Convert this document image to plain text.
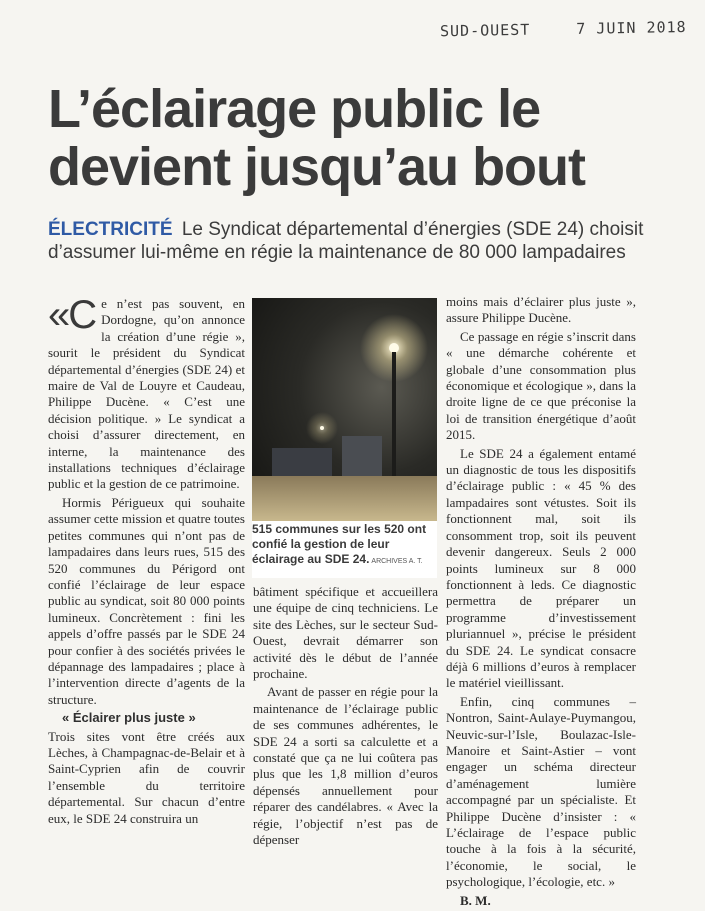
SUD-OUEST	7 JUIN 2018
L’éclairage public le
devient jusqu’au bout
ÉLECTRICITÉ Le Syndicat départemental d’énergies (SDE 24) choisit d’assumer lui-même en régie la maintenance de 80 000 lampadaires

«Ce n’est pas souvent, en Dordogne, qu’on annonce la création d’une régie », sourit le président du Syndicat départemental d’énergies (SDE 24) et maire de Val de Louyre et Caudeau, Philippe Ducène. « C’est une décision politique. » Le syndicat a choisi d’assurer directement, en interne, la maintenance des installations techniques d’éclairage public et la gestion de ce patrimoine.

Hormis Périgueux qui souhaite assumer cette mission et quatre toutes petites communes qui n’ont pas de lampadaires dans leurs rues, 515 des 520 communes du Périgord ont confié l’éclairage de leur espace public au syndicat, soit 80 000 points lumineux. Concrètement : fini les appels d’offre passés par le SDE 24 pour confier à des sociétés privées le dépannage des lampadaires ; place à l’intervention directe d’agents de la structure.

« Éclairer plus juste »

Trois sites vont être créés aux Lèches, à Champagnac-de-Belair et à Saint-Cyprien afin de couvrir l’ensemble du territoire départemental. Sur chacun d’entre eux, le SDE 24 construira un

515 communes sur les 520 ont confié la gestion de leur éclairage au SDE 24. ARCHIVES A. T.

bâtiment spécifique et accueillera une équipe de cinq techniciens. Le site des Lèches, sur le secteur Sud-Ouest, devrait démarrer son activité dès le début de l’année prochaine.

Avant de passer en régie pour la maintenance de l’éclairage public de ses communes adhérentes, le SDE 24 a sorti sa calculette et a constaté que ça ne lui coûtera pas plus que les 1,8 million d’euros dépensés annuellement pour réparer des candélabres. « Avec la régie, l’objectif n’est pas de dépenser

moins mais d’éclairer plus juste », assure Philippe Ducène.

Ce passage en régie s’inscrit dans « une démarche cohérente et globale d’une consommation plus économique et écologique », dans la droite ligne de ce que préconise la loi de transition énergétique d’août 2015.

Le SDE 24 a également entamé un diagnostic de tous les dispositifs d’éclairage public : « 45 % des lampadaires sont vétustes. Soit ils fonctionnent mal, soit ils consomment trop, soit ils peuvent devenir dangereux. Seuls 2 000 points lumineux sur 8 000 fonctionnent à leds. Ce diagnostic permettra de préparer un programme d’investissement pluriannuel », précise le président du SDE 24. Le syndicat consacre déjà 6 millions d’euros à remplacer le matériel vieillissant.

Enfin, cinq communes – Nontron, Saint-Aulaye-Puymangou, Neuvic-sur-l’Isle, Boulazac-Isle-Manoire et Saint-Astier – vont engager un schéma directeur d’aménagement lumière accompagné par un spécialiste. Et Philippe Ducène d’insister : « L’éclairage de l’espace public touche à la fois à la sécurité, l’économie, le social, le psychologique, l’écologie, etc. »

B. M.
